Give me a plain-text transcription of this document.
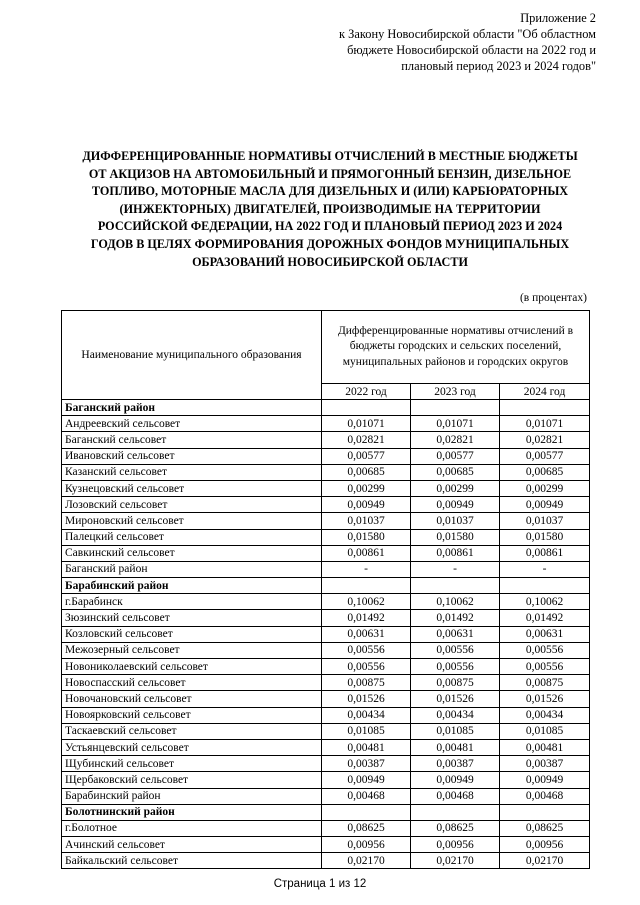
Приложение 2
к Закону Новосибирской области "Об областном
бюджете Новосибирской области на 2022 год и
плановый период 2023 и 2024 годов"
ДИФФЕРЕНЦИРОВАННЫЕ НОРМАТИВЫ ОТЧИСЛЕНИЙ В МЕСТНЫЕ БЮДЖЕТЫ
ОТ АКЦИЗОВ НА АВТОМОБИЛЬНЫЙ И ПРЯМОГОННЫЙ БЕНЗИН, ДИЗЕЛЬНОЕ
ТОПЛИВО, МОТОРНЫЕ МАСЛА ДЛЯ ДИЗЕЛЬНЫХ И (ИЛИ) КАРБЮРАТОРНЫХ
(ИНЖЕКТОРНЫХ) ДВИГАТЕЛЕЙ, ПРОИЗВОДИМЫЕ НА ТЕРРИТОРИИ
РОССИЙСКОЙ ФЕДЕРАЦИИ, НА 2022 ГОД И ПЛАНОВЫЙ ПЕРИОД 2023 И 2024
ГОДОВ В ЦЕЛЯХ ФОРМИРОВАНИЯ ДОРОЖНЫХ ФОНДОВ МУНИЦИПАЛЬНЫХ
ОБРАЗОВАНИЙ НОВОСИБИРСКОЙ ОБЛАСТИ
(в процентах)
Наименование муниципального образования	Дифференцированные нормативы отчислений в бюджеты городских и сельских поселений, муниципальных районов и городских округов		
	2022 год	2023 год	2024 год
Баганский район			
Андреевский сельсовет	0,01071	0,01071	0,01071
Баганский сельсовет	0,02821	0,02821	0,02821
Ивановский сельсовет	0,00577	0,00577	0,00577
Казанский сельсовет	0,00685	0,00685	0,00685
Кузнецовский сельсовет	0,00299	0,00299	0,00299
Лозовский сельсовет	0,00949	0,00949	0,00949
Мироновский сельсовет	0,01037	0,01037	0,01037
Палецкий сельсовет	0,01580	0,01580	0,01580
Савкинский сельсовет	0,00861	0,00861	0,00861
Баганский район	-	-	-
Барабинский район			
г.Барабинск	0,10062	0,10062	0,10062
Зюзинский сельсовет	0,01492	0,01492	0,01492
Козловский сельсовет	0,00631	0,00631	0,00631
Межозерный сельсовет	0,00556	0,00556	0,00556
Новониколаевский сельсовет	0,00556	0,00556	0,00556
Новоспасский сельсовет	0,00875	0,00875	0,00875
Новочановский сельсовет	0,01526	0,01526	0,01526
Новоярковский сельсовет	0,00434	0,00434	0,00434
Таскаевский сельсовет	0,01085	0,01085	0,01085
Устьянцевский сельсовет	0,00481	0,00481	0,00481
Щубинский сельсовет	0,00387	0,00387	0,00387
Щербаковский сельсовет	0,00949	0,00949	0,00949
Барабинский район	0,00468	0,00468	0,00468
Болотнинский район			
г.Болотное	0,08625	0,08625	0,08625
Ачинский сельсовет	0,00956	0,00956	0,00956
Байкальский сельсовет	0,02170	0,02170	0,02170
Страница 1 из 12
